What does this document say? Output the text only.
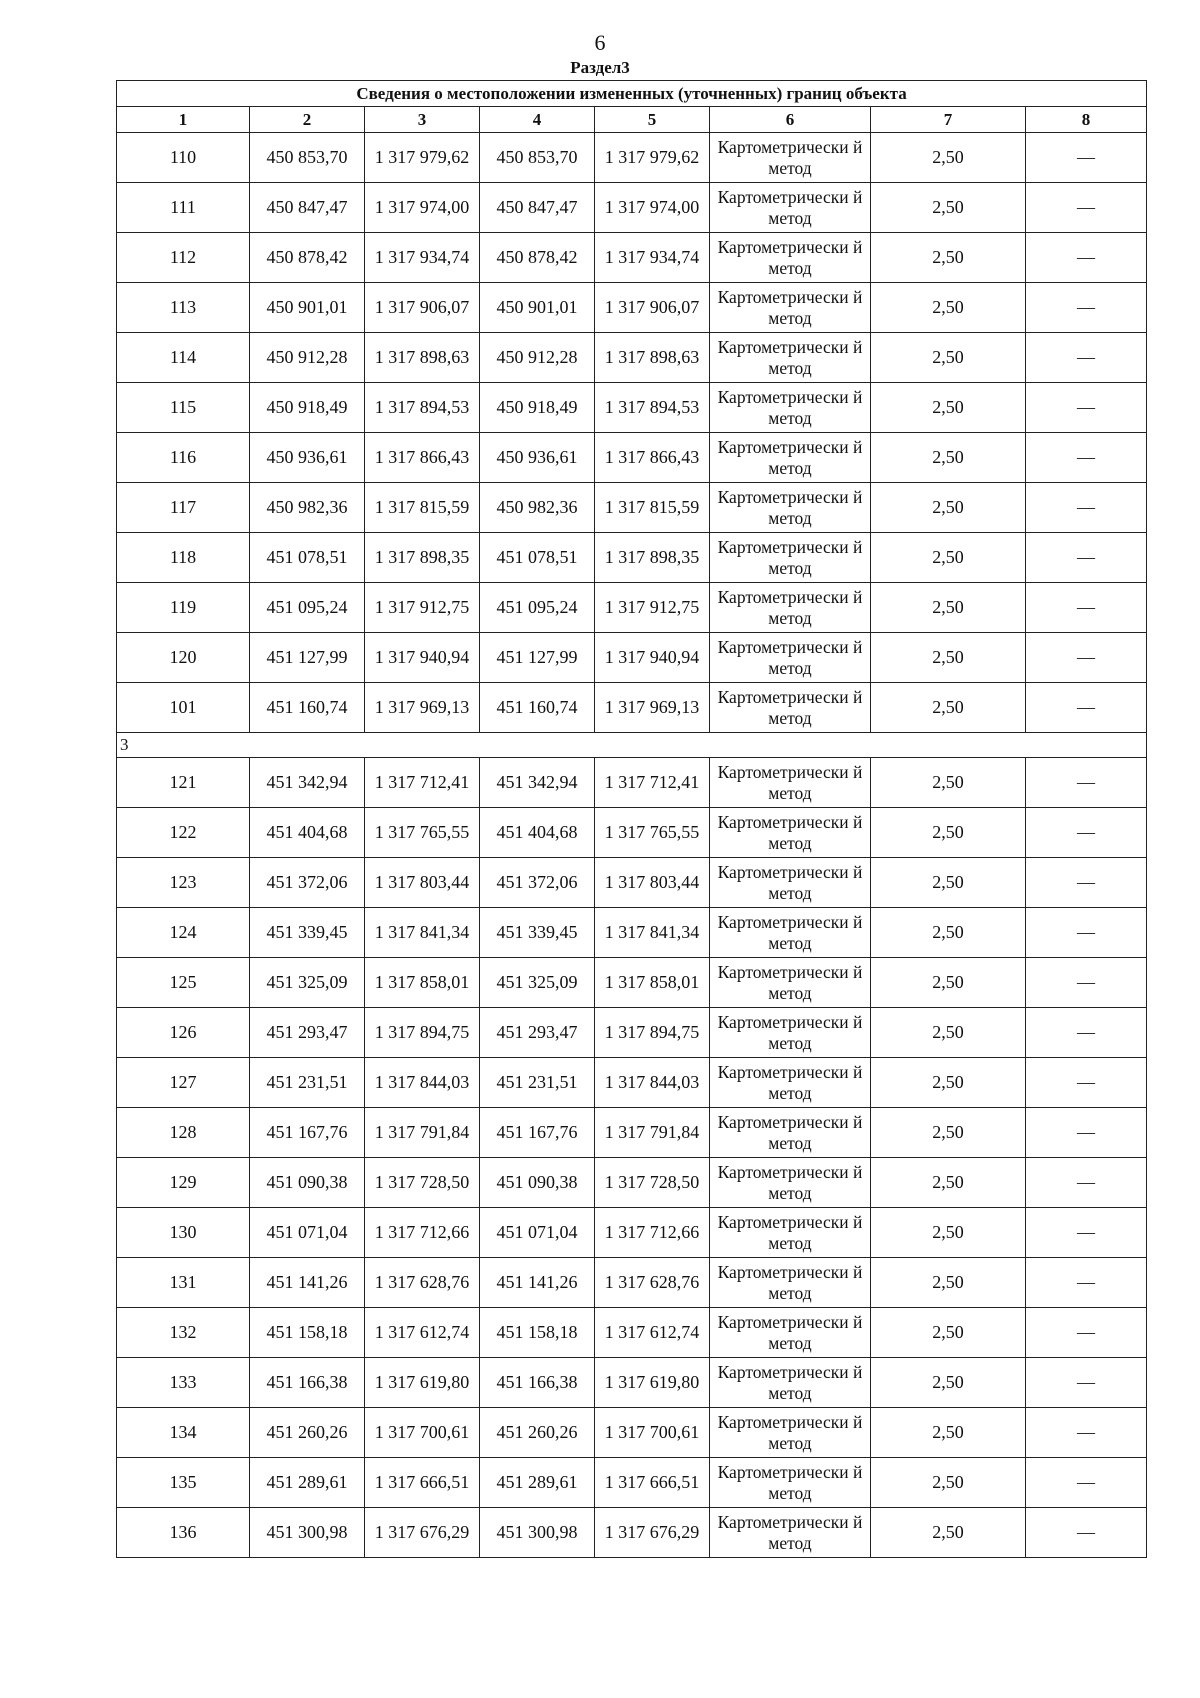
6
Раздел3
Сведения о местоположении измененных (уточненных) границ объекта							
1	2	3	4	5	6	7	8
110	450 853,70	1 317 979,62	450 853,70	1 317 979,62	Картометрически й метод	2,50	—
111	450 847,47	1 317 974,00	450 847,47	1 317 974,00	Картометрически й метод	2,50	—
112	450 878,42	1 317 934,74	450 878,42	1 317 934,74	Картометрически й метод	2,50	—
113	450 901,01	1 317 906,07	450 901,01	1 317 906,07	Картометрически й метод	2,50	—
114	450 912,28	1 317 898,63	450 912,28	1 317 898,63	Картометрически й метод	2,50	—
115	450 918,49	1 317 894,53	450 918,49	1 317 894,53	Картометрически й метод	2,50	—
116	450 936,61	1 317 866,43	450 936,61	1 317 866,43	Картометрически й метод	2,50	—
117	450 982,36	1 317 815,59	450 982,36	1 317 815,59	Картометрически й метод	2,50	—
118	451 078,51	1 317 898,35	451 078,51	1 317 898,35	Картометрически й метод	2,50	—
119	451 095,24	1 317 912,75	451 095,24	1 317 912,75	Картометрически й метод	2,50	—
120	451 127,99	1 317 940,94	451 127,99	1 317 940,94	Картометрически й метод	2,50	—
101	451 160,74	1 317 969,13	451 160,74	1 317 969,13	Картометрически й метод	2,50	—
3							
121	451 342,94	1 317 712,41	451 342,94	1 317 712,41	Картометрически й метод	2,50	—
122	451 404,68	1 317 765,55	451 404,68	1 317 765,55	Картометрически й метод	2,50	—
123	451 372,06	1 317 803,44	451 372,06	1 317 803,44	Картометрически й метод	2,50	—
124	451 339,45	1 317 841,34	451 339,45	1 317 841,34	Картометрически й метод	2,50	—
125	451 325,09	1 317 858,01	451 325,09	1 317 858,01	Картометрически й метод	2,50	—
126	451 293,47	1 317 894,75	451 293,47	1 317 894,75	Картометрически й метод	2,50	—
127	451 231,51	1 317 844,03	451 231,51	1 317 844,03	Картометрически й метод	2,50	—
128	451 167,76	1 317 791,84	451 167,76	1 317 791,84	Картометрически й метод	2,50	—
129	451 090,38	1 317 728,50	451 090,38	1 317 728,50	Картометрически й метод	2,50	—
130	451 071,04	1 317 712,66	451 071,04	1 317 712,66	Картометрически й метод	2,50	—
131	451 141,26	1 317 628,76	451 141,26	1 317 628,76	Картометрически й метод	2,50	—
132	451 158,18	1 317 612,74	451 158,18	1 317 612,74	Картометрически й метод	2,50	—
133	451 166,38	1 317 619,80	451 166,38	1 317 619,80	Картометрически й метод	2,50	—
134	451 260,26	1 317 700,61	451 260,26	1 317 700,61	Картометрически й метод	2,50	—
135	451 289,61	1 317 666,51	451 289,61	1 317 666,51	Картометрически й метод	2,50	—
136	451 300,98	1 317 676,29	451 300,98	1 317 676,29	Картометрически й метод	2,50	—
